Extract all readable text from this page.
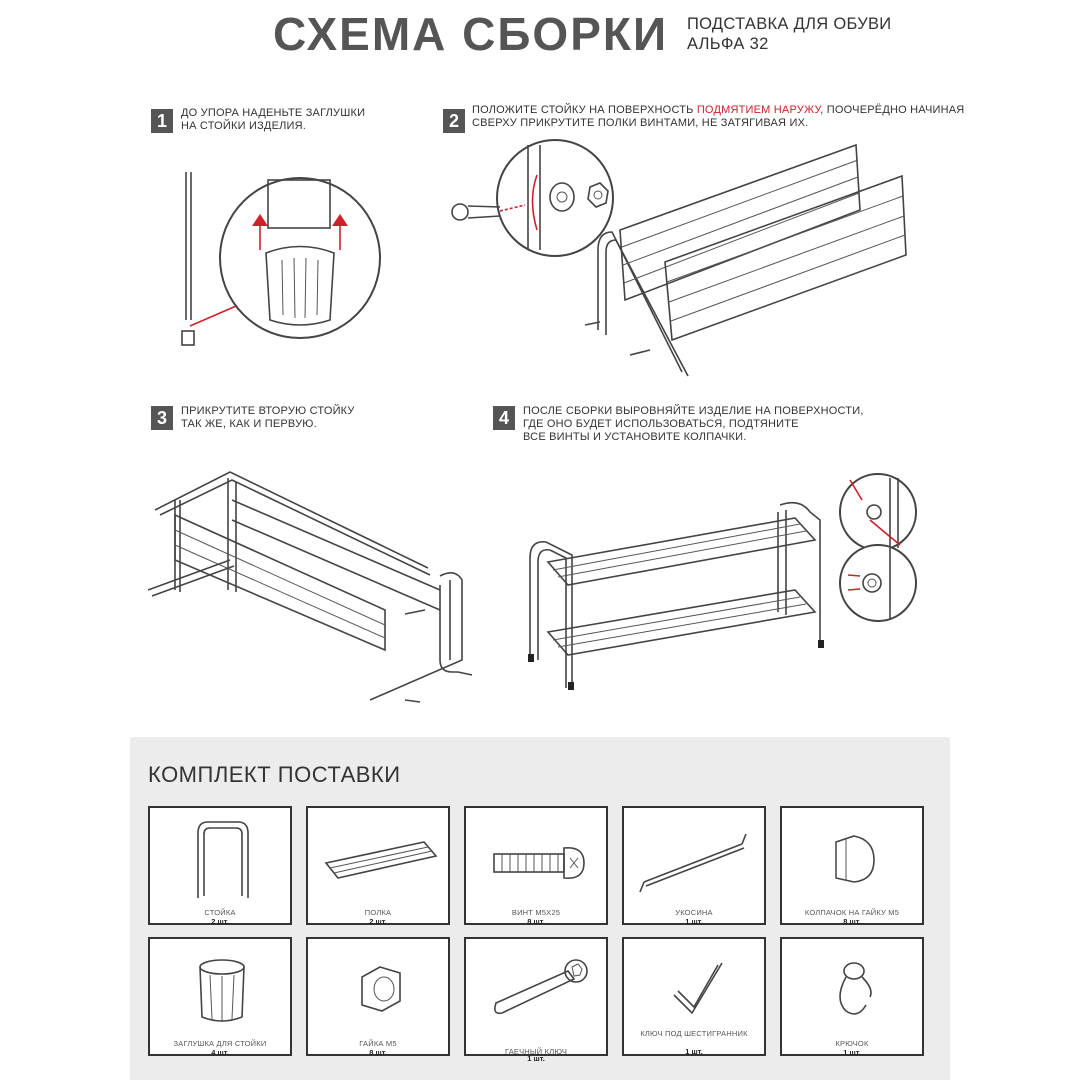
СХЕМА СБОРКИ ПОДСТАВКА ДЛЯ ОБУВИ
АЛЬФА 32
1	ДО УПОРА НАДЕНЬТЕ ЗАГЛУШКИ
НА СТОЙКИ ИЗДЕЛИЯ.	2
ПОЛОЖИТЕ СТОЙКУ НА ПОВЕРХНОСТЬ ПОДМЯТИЕМ НАРУЖУ, ПООЧЕРЁДНО НАЧИНАЯ
СВЕРХУ ПРИКРУТИТЕ ПОЛКИ ВИНТАМИ, НЕ ЗАТЯГИВАЯ ИХ.
3	ПРИКРУТИТЕ ВТОРУЮ СТОЙКУ
ТАК ЖЕ, КАК И ПЕРВУЮ.	4	ПОСЛЕ СБОРКИ ВЫРОВНЯЙТЕ ИЗДЕЛИЕ НА ПОВЕРХНОСТИ,
ГДЕ ОНО БУДЕТ ИСПОЛЬЗОВАТЬСЯ, ПОДТЯНИТЕ
ВСЕ ВИНТЫ И УСТАНОВИТЕ КОЛПАЧКИ.
КОМПЛЕКТ ПОСТАВКИ
СТОЙКА
2 шт.
ПОЛКА
2 шт.
ВИНТ М5Х25
8 шт.
УКОСИНА
1 шт.
КОЛПАЧОК НА ГАЙКУ М5
8 шт.
ЗАГЛУШКА ДЛЯ СТОЙКИ
4 шт.
ГАЙКА М5
8 шт.	ГАЕЧНЫЙ КЛЮЧ
1 шт.
КЛЮЧ ПОД ШЕСТИГРАННИК
1 шт.
КРЮЧОК
1 шт.
